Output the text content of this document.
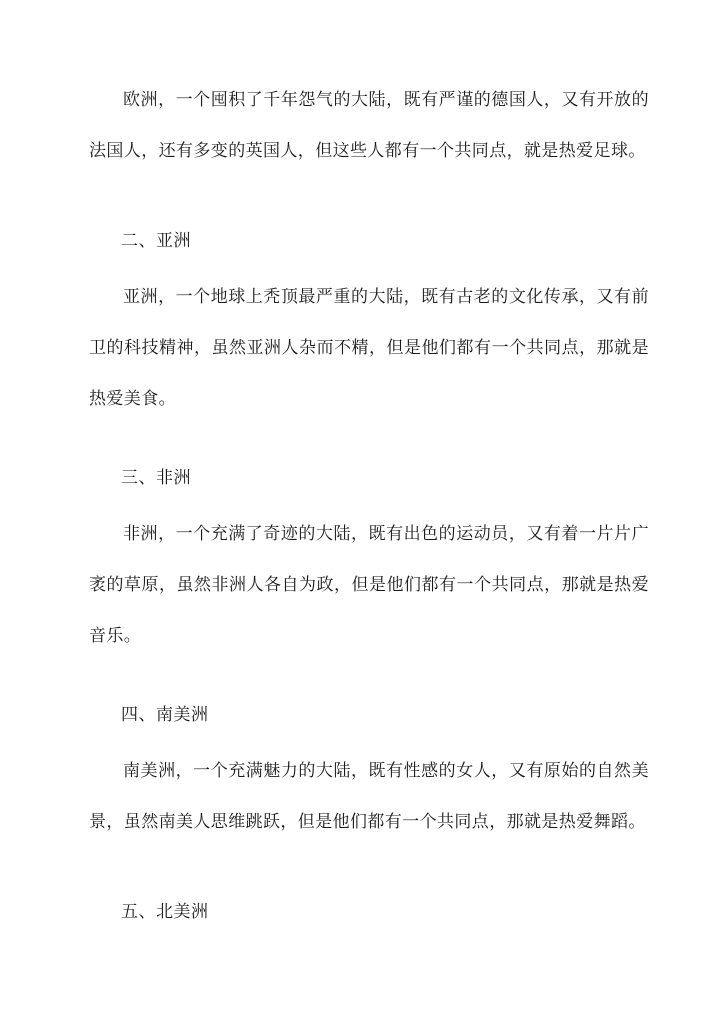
欧洲，一个囤积了千年怨气的大陆，既有严谨的德国人，又有开放的法国人，还有多变的英国人，但这些人都有一个共同点，就是热爱足球。

二、亚洲

亚洲，一个地球上秃顶最严重的大陆，既有古老的文化传承，又有前卫的科技精神，虽然亚洲人杂而不精，但是他们都有一个共同点，那就是热爱美食。

三、非洲

非洲，一个充满了奇迹的大陆，既有出色的运动员，又有着一片片广袤的草原，虽然非洲人各自为政，但是他们都有一个共同点，那就是热爱音乐。

四、南美洲

南美洲，一个充满魅力的大陆，既有性感的女人，又有原始的自然美景，虽然南美人思维跳跃，但是他们都有一个共同点，那就是热爱舞蹈。

五、北美洲
